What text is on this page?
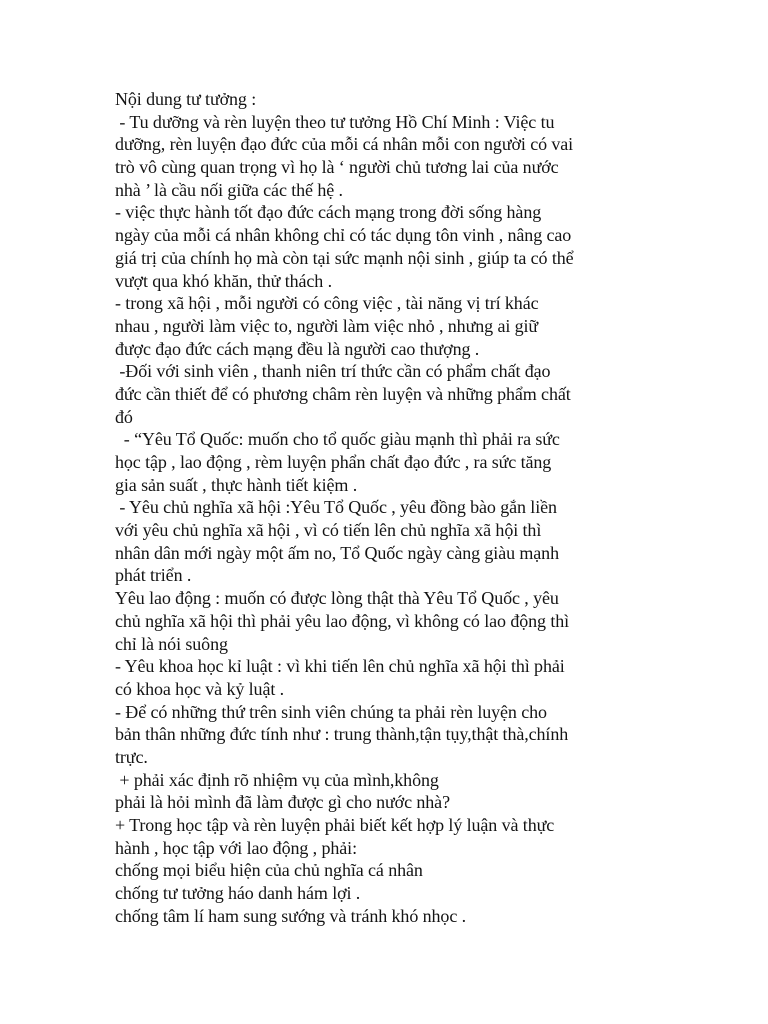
Nội dung tư tưởng :
- Tu dưỡng và rèn luyện theo tư tưởng Hồ Chí Minh : Việc tu
dưỡng, rèn luyện đạo đức của mỗi cá nhân mỗi con người có vai
trò vô cùng quan trọng vì họ là ‘ người chủ tương lai của nước
nhà ’ là cầu nối giữa các thế hệ .
- việc thực hành tốt đạo đức cách mạng trong đời sống hàng
ngày của mỗi cá nhân không chỉ có tác dụng tôn vinh , nâng cao
giá trị của chính họ mà còn tại sức mạnh nội sinh , giúp ta có thể
vượt qua khó khăn, thử thách .
- trong xã hội , mỗi người có công việc , tài năng vị trí khác
nhau , người làm việc to, người làm việc nhỏ , nhưng ai giữ
được đạo đức cách mạng đều là người cao thượng .
-Đối với sinh viên , thanh niên trí thức cần có phẩm chất đạo
đức cần thiết để có phương châm rèn luyện và những phẩm chất
đó
- “Yêu Tổ Quốc: muốn cho tổ quốc giàu mạnh thì phải ra sức
học tập , lao động , rèm luyện phẩn chất đạo đức , ra sức tăng
gia sản suất , thực hành tiết kiệm .
- Yêu chủ nghĩa xã hội :Yêu Tổ Quốc , yêu đồng bào gắn liền
với yêu chủ nghĩa xã hội , vì có tiến lên chủ nghĩa xã hội thì
nhân dân mới ngày một ấm no, Tổ Quốc ngày càng giàu mạnh
phát triển .
Yêu lao động : muốn có được lòng thật thà Yêu Tổ Quốc , yêu
chủ nghĩa xã hội thì phải yêu lao động, vì không có lao động thì
chỉ là nói suông
- Yêu khoa học kỉ luật : vì khi tiến lên chủ nghĩa xã hội thì phải
có khoa học và kỷ luật .
- Để có những thứ trên sinh viên chúng ta phải rèn luyện cho
bản thân những đức tính như : trung thành,tận tụy,thật thà,chính
trực.
+ phải xác định rõ nhiệm vụ của mình,không
phải là hỏi mình đã làm được gì cho nước nhà?
+ Trong học tập và rèn luyện phải biết kết hợp lý luận và thực
hành , học tập với lao động , phải:
chống mọi biểu hiện của chủ nghĩa cá nhân
chống tư tưởng háo danh hám lợi .
chống tâm lí ham sung sướng và tránh khó nhọc .
